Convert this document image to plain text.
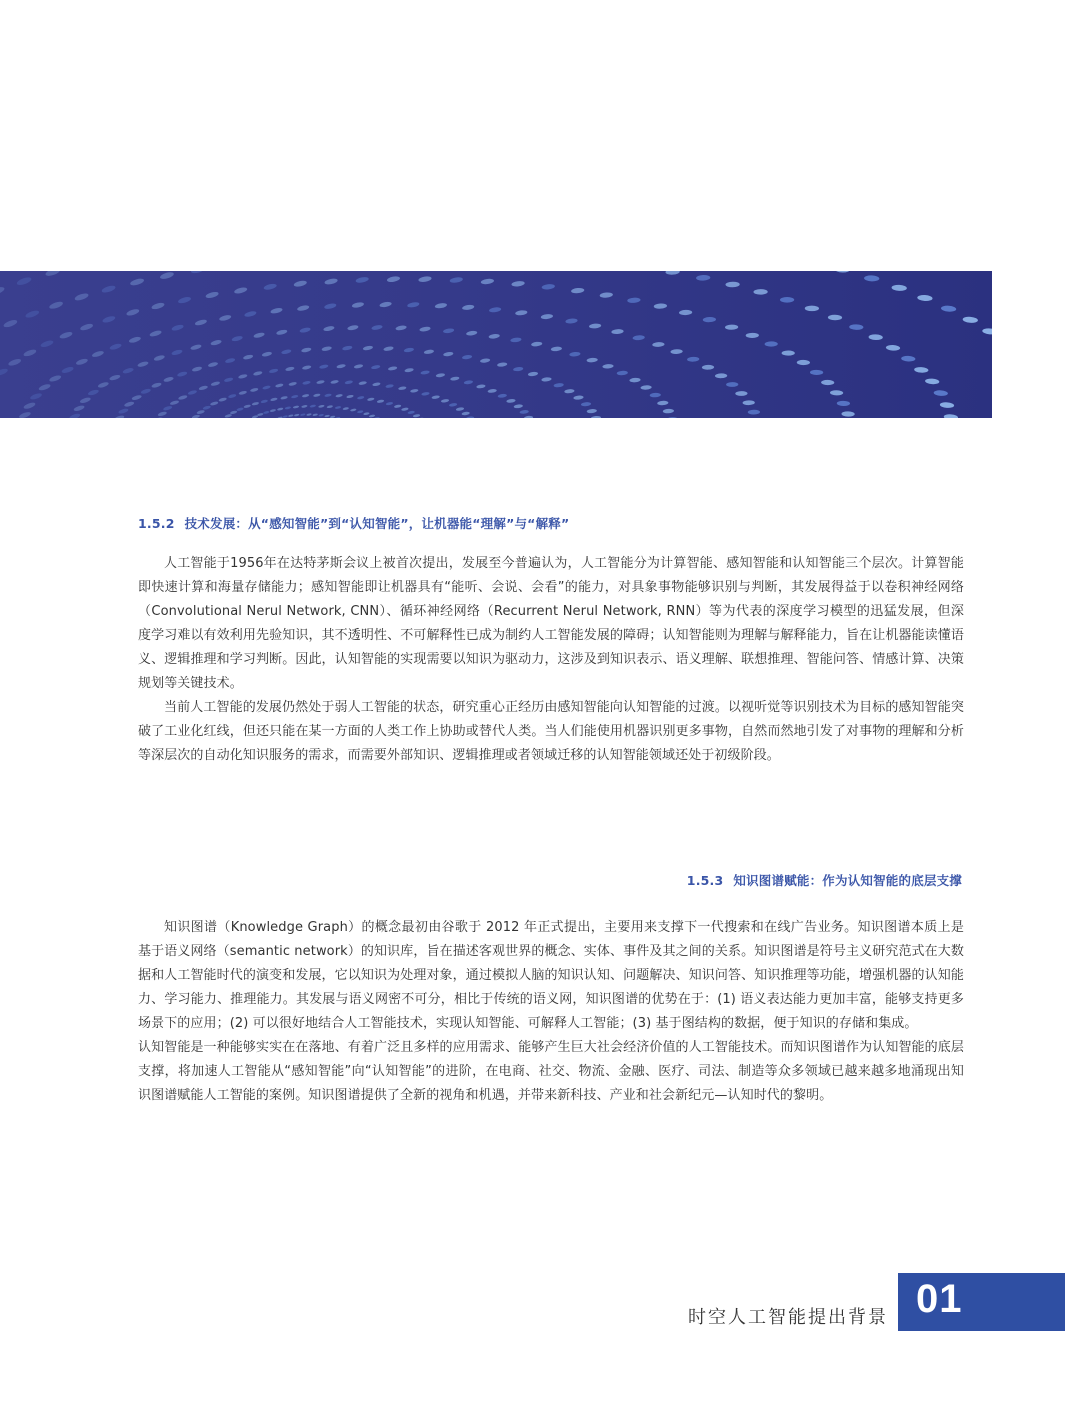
1.5.2 技术发展：从“感知智能”到“认知智能”，让机器能“理解”与“解释”

人工智能于1956年在达特茅斯会议上被首次提出，发展至今普遍认为，人工智能分为计算智能、感知智能和认知智能三个层次。计算智能即快速计算和海量存储能力；感知智能即让机器具有“能听、会说、会看”的能力，对具象事物能够识别与判断，其发展得益于以卷积神经网络（Convolutional Nerul Network, CNN）、循环神经网络（Recurrent Nerul Network, RNN）等为代表的深度学习模型的迅猛发展，但深度学习难以有效利用先验知识，其不透明性、不可解释性已成为制约人工智能发展的障碍；认知智能则为理解与解释能力，旨在让机器能读懂语义、逻辑推理和学习判断。因此，认知智能的实现需要以知识为驱动力，这涉及到知识表示、语义理解、联想推理、智能问答、情感计算、决策规划等关键技术。

当前人工智能的发展仍然处于弱人工智能的状态，研究重心正经历由感知智能向认知智能的过渡。以视听觉等识别技术为目标的感知智能突破了工业化红线，但还只能在某一方面的人类工作上协助或替代人类。当人们能使用机器识别更多事物，自然而然地引发了对事物的理解和分析等深层次的自动化知识服务的需求，而需要外部知识、逻辑推理或者领域迁移的认知智能领域还处于初级阶段。

1.5.3 知识图谱赋能：作为认知智能的底层支撑

知识图谱（Knowledge Graph）的概念最初由谷歌于 2012 年正式提出，主要用来支撑下一代搜索和在线广告业务。知识图谱本质上是基于语义网络（semantic network）的知识库，旨在描述客观世界的概念、实体、事件及其之间的关系。知识图谱是符号主义研究范式在大数据和人工智能时代的演变和发展，它以知识为处理对象，通过模拟人脑的知识认知、问题解决、知识问答、知识推理等功能，增强机器的认知能力、学习能力、推理能力。其发展与语义网密不可分，相比于传统的语义网，知识图谱的优势在于：(1) 语义表达能力更加丰富，能够支持更多场景下的应用；(2) 可以很好地结合人工智能技术，实现认知智能、可解释人工智能；(3) 基于图结构的数据，便于知识的存储和集成。

认知智能是一种能够实实在在落地、有着广泛且多样的应用需求、能够产生巨大社会经济价值的人工智能技术。而知识图谱作为认知智能的底层支撑，将加速人工智能从“感知智能”向“认知智能”的进阶，在电商、社交、物流、金融、医疗、司法、制造等众多领域已越来越多地涌现出知识图谱赋能人工智能的案例。知识图谱提供了全新的视角和机遇，并带来新科技、产业和社会新纪元—认知时代的黎明。

时空人工智能提出背景 01
